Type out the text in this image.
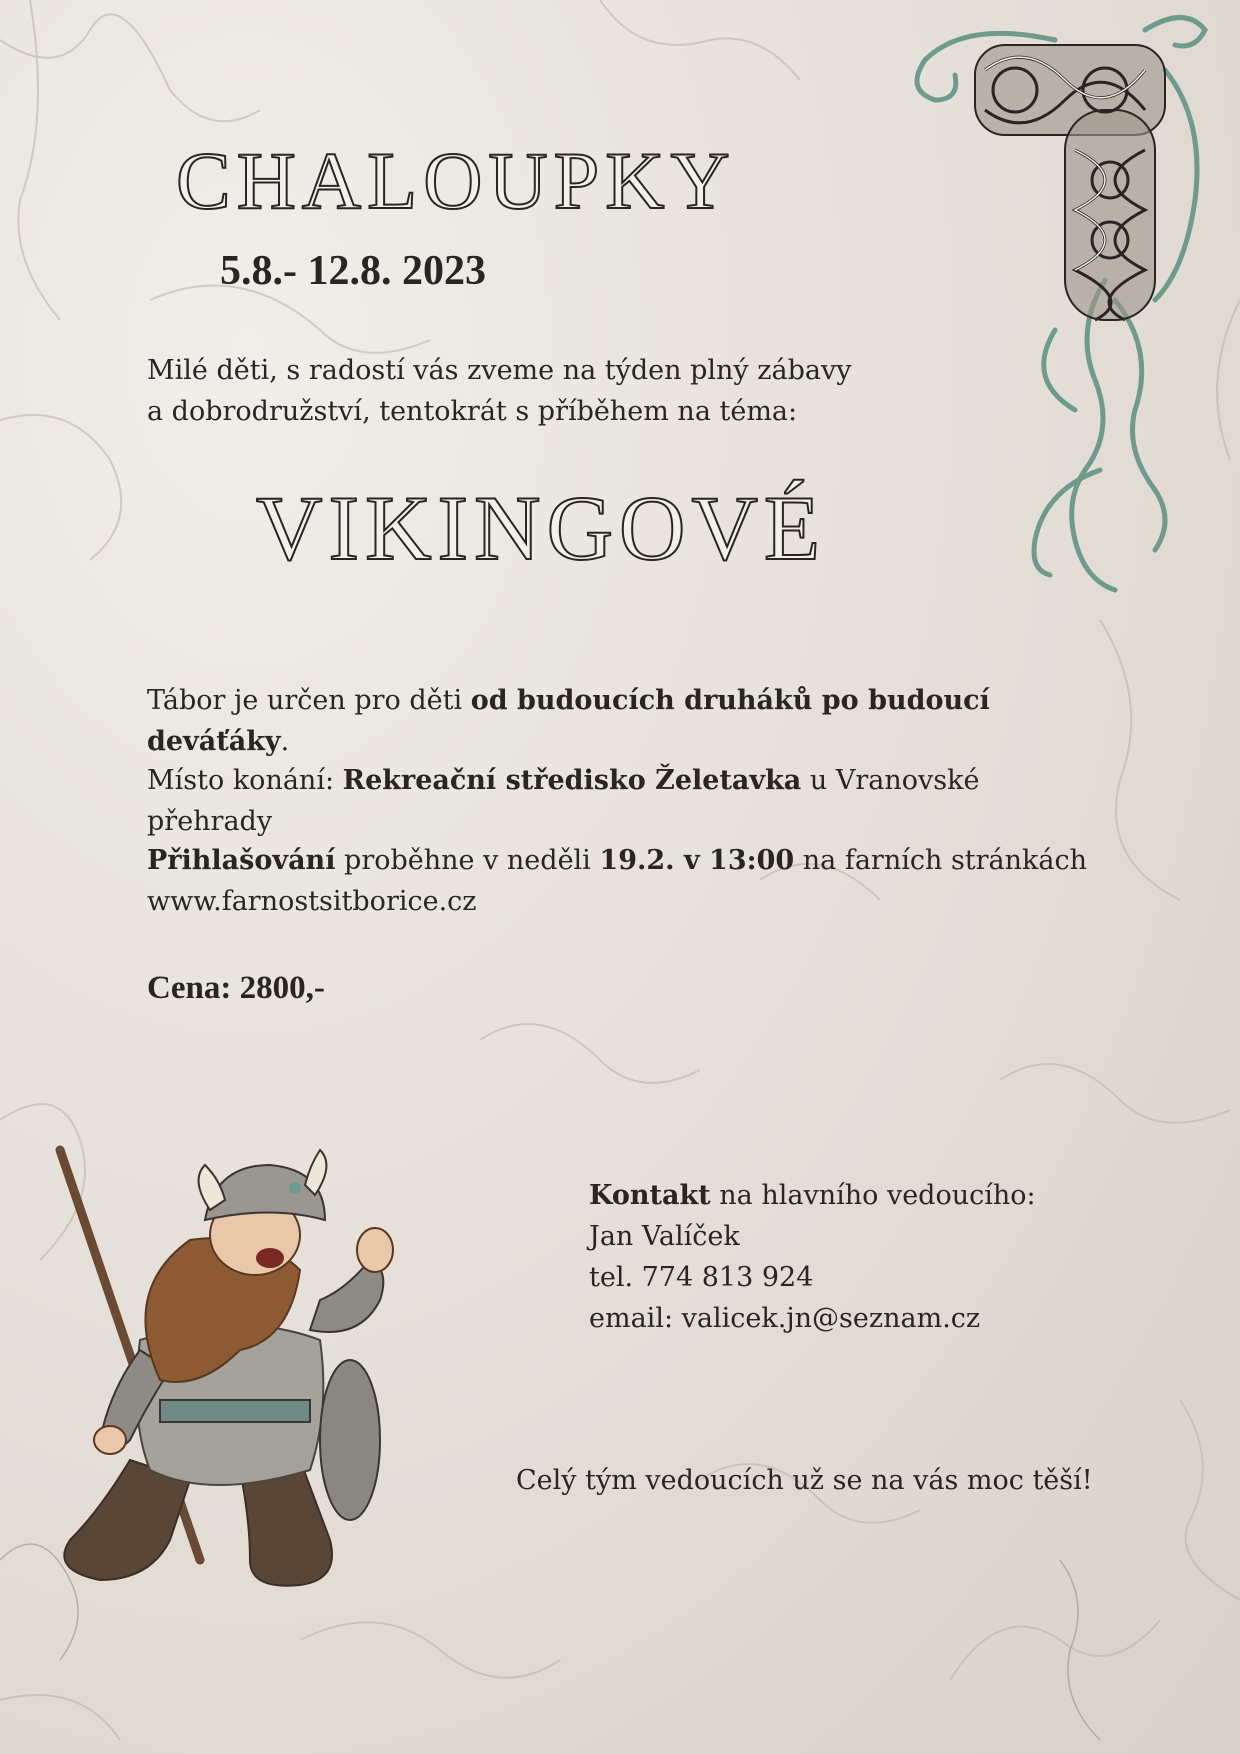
CHALOUPKY
5.8.- 12.8. 2023
Milé děti, s radostí vás zveme na týden plný zábavy
a dobrodružství, tentokrát s příběhem na téma:
VIKINGOVÉ
Tábor je určen pro děti od budoucích druháků po budoucí deváťáky.
Místo konání: Rekreační středisko Želetavka u Vranovské přehrady
Přihlašování proběhne v neděli 19.2. v 13:00 na farních stránkách
www.farnostsitborice.cz
Cena: 2800,-
Kontakt na hlavního vedoucího:
Jan Valíček
tel. 774 813 924
email: valicek.jn@seznam.cz
Celý tým vedoucích už se na vás moc těší!
